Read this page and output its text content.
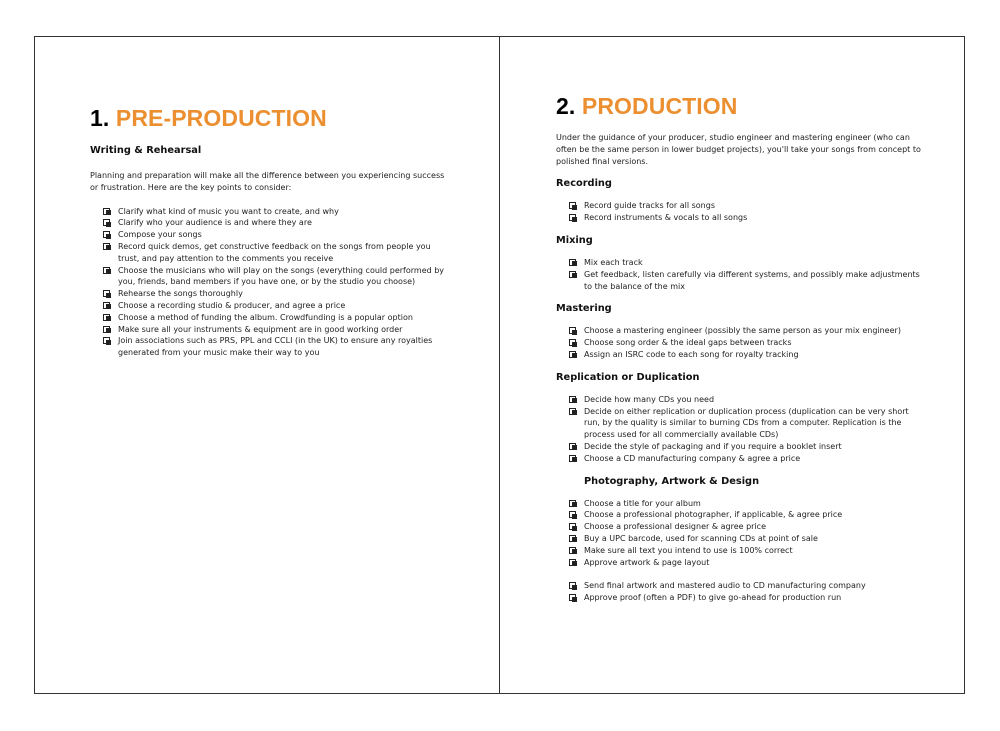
1. PRE-PRODUCTION

Writing & Rehearsal

Planning and preparation will make all the difference between you experiencing success or frustration. Here are the key points to consider:

Clarify what kind of music you want to create, and why
Clarify who your audience is and where they are
Compose your songs
Record quick demos, get constructive feedback on the songs from people you trust, and pay attention to the comments you receive
Choose the musicians who will play on the songs (everything could performed by you, friends, band members if you have one, or by the studio you choose)
Rehearse the songs thoroughly
Choose a recording studio & producer, and agree a price
Choose a method of funding the album. Crowdfunding is a popular option
Make sure all your instruments & equipment are in good working order
Join associations such as PRS, PPL and CCLI (in the UK) to ensure any royalties generated from your music make their way to you
2. PRODUCTION

Under the guidance of your producer, studio engineer and mastering engineer (who can often be the same person in lower budget projects), you'll take your songs from concept to polished final versions.

Recording

Record guide tracks for all songs
Record instruments & vocals to all songs

Mixing

Mix each track
Get feedback, listen carefully via different systems, and possibly make adjustments to the balance of the mix

Mastering

Choose a mastering engineer (possibly the same person as your mix engineer)
Choose song order & the ideal gaps between tracks
Assign an ISRC code to each song for royalty tracking

Replication or Duplication

Decide how many CDs you need
Decide on either replication or duplication process (duplication can be very short run, by the quality is similar to burning CDs from a computer. Replication is the process used for all commercially available CDs)
Decide the style of packaging and if you require a booklet insert
Choose a CD manufacturing company & agree a price

Photography, Artwork & Design

Choose a title for your album
Choose a professional photographer, if applicable, & agree price
Choose a professional designer & agree price
Buy a UPC barcode, used for scanning CDs at point of sale
Make sure all text you intend to use is 100% correct
Approve artwork & page layout
Send final artwork and mastered audio to CD manufacturing company
Approve proof (often a PDF) to give go-ahead for production run
